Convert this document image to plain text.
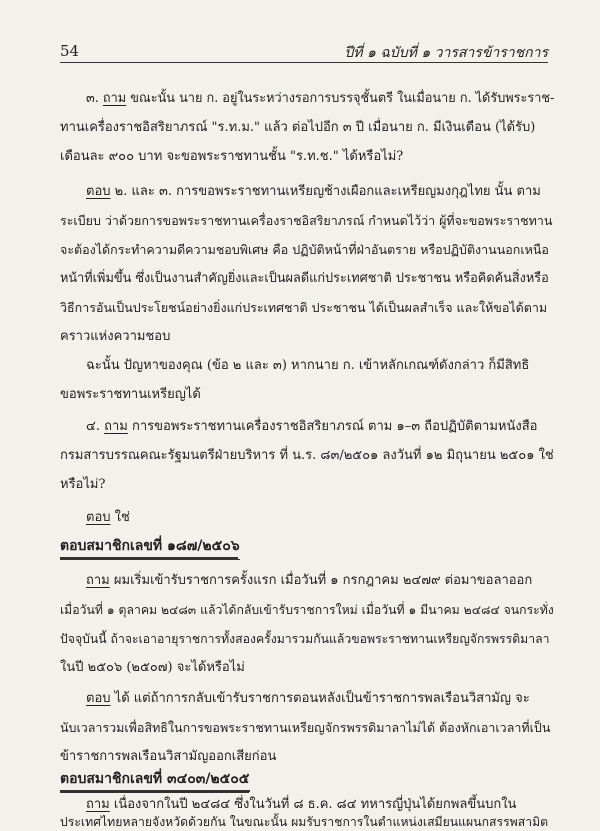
54	ปีที่ ๑ ฉบับที่ ๑ วารสารข้าราชการ
๓. ถาม ขณะนั้น นาย ก. อยู่ในระหว่างรอการบรรจุชั้นตรี ในเมื่อนาย ก. ได้รับพระราช-
ทานเครื่องราชอิสริยาภรณ์ "ร.ท.ม." แล้ว ต่อไปอีก ๓ ปี เมื่อนาย ก. มีเงินเดือน (ได้รับ)
เดือนละ ๙๐๐ บาท จะขอพระราชทานชั้น "ร.ท.ช." ได้หรือไม่?
ตอบ ๒. และ ๓. การขอพระราชทานเหรียญช้างเผือกและเหรียญมงกุฎไทย นั้น ตาม
ระเบียบ ว่าด้วยการขอพระราชทานเครื่องราชอิสริยาภรณ์ กำหนดไว้ว่า ผู้ที่จะขอพระราชทาน
จะต้องได้กระทำความดีความชอบพิเศษ คือ ปฏิบัติหน้าที่ฝ่าอันตราย หรือปฏิบัติงานนอกเหนือ
หน้าที่เพิ่มขึ้น ซึ่งเป็นงานสำคัญยิ่งและเป็นผลดีแก่ประเทศชาติ ประชาชน หรือคิดค้นสิ่งหรือ
วิธีการอันเป็นประโยชน์อย่างยิ่งแก่ประเทศชาติ ประชาชน ได้เป็นผลสำเร็จ และให้ขอได้ตาม
คราวแห่งความชอบ
ฉะนั้น ปัญหาของคุณ (ข้อ ๒ และ ๓) หากนาย ก. เข้าหลักเกณฑ์ดังกล่าว ก็มีสิทธิ
ขอพระราชทานเหรียญได้
๔. ถาม การขอพระราชทานเครื่องราชอิสริยาภรณ์ ตาม ๑–๓ ถือปฏิบัติตามหนังสือ
กรมสารบรรณคณะรัฐมนตรีฝ่ายบริหาร ที่ น.ร. ๘๓/๒๕๐๑ ลงวันที่ ๑๒ มิถุนายน ๒๕๐๑ ใช่
หรือไม่?
ตอบ ใช่
ตอบสมาชิกเลขที่ ๑๘๗/๒๕๐๖
ถาม ผมเริ่มเข้ารับราชการครั้งแรก เมื่อวันที่ ๑ กรกฎาคม ๒๔๗๙ ต่อมาขอลาออก
เมื่อวันที่ ๑ ตุลาคม ๒๔๘๓ แล้วได้กลับเข้ารับราชการใหม่ เมื่อวันที่ ๑ มีนาคม ๒๔๘๔ จนกระทั่ง
ปัจจุบันนี้ ถ้าจะเอาอายุราชการทั้งสองครั้งมารวมกันแล้วขอพระราชทานเหรียญจักรพรรดิมาลา
ในปี ๒๕๐๖ (๒๕๐๗) จะได้หรือไม่
ตอบ ได้ แต่ถ้าการกลับเข้ารับราชการตอนหลังเป็นข้าราชการพลเรือนวิสามัญ จะ
นับเวลารวมเพื่อสิทธิในการขอพระราชทานเหรียญจักรพรรดิมาลาไม่ได้ ต้องหักเอาเวลาที่เป็น
ข้าราชการพลเรือนวิสามัญออกเสียก่อน
ตอบสมาชิกเลขที่ ๓๔๐๓/๒๕๐๕
ถาม เนื่องจากในปี ๒๔๘๔ ซึ่งในวันที่ ๘ ธ.ค. ๘๔ ทหารญี่ปุ่นได้ยกพลขึ้นบกใน
ประเทศไทยหลายจังหวัดด้วยกัน ในขณะนั้น ผมรับราชการในตำแหน่งเสมียนแผนกสรรพสามิต
